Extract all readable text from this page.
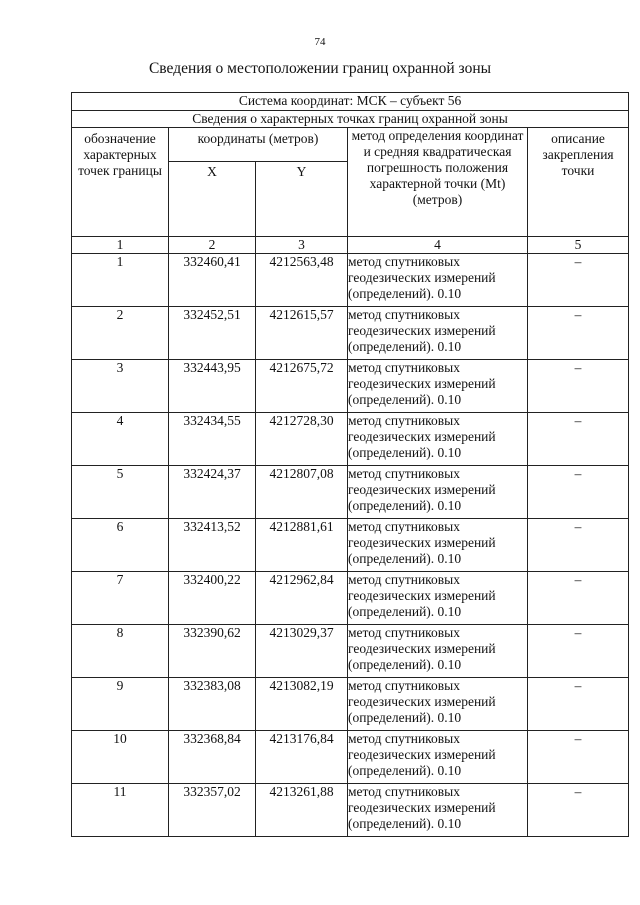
74
Сведения о местоположении границ охранной зоны
Система координат: МСК – субъект 56				
Сведения о характерных точках границ охранной зоны				
обозначение характерных точек границы	координаты (метров)		метод определения координат и средняя квадратическая погрешность положения характерной точки (Mt) (метров)	описание закрепления точки
	X	Y		
1	2	3	4	5
1	332460,41	4212563,48	метод спутниковых геодезических измерений (определений). 0.10	–
2	332452,51	4212615,57	метод спутниковых геодезических измерений (определений). 0.10	–
3	332443,95	4212675,72	метод спутниковых геодезических измерений (определений). 0.10	–
4	332434,55	4212728,30	метод спутниковых геодезических измерений (определений). 0.10	–
5	332424,37	4212807,08	метод спутниковых геодезических измерений (определений). 0.10	–
6	332413,52	4212881,61	метод спутниковых геодезических измерений (определений). 0.10	–
7	332400,22	4212962,84	метод спутниковых геодезических измерений (определений). 0.10	–
8	332390,62	4213029,37	метод спутниковых геодезических измерений (определений). 0.10	–
9	332383,08	4213082,19	метод спутниковых геодезических измерений (определений). 0.10	–
10	332368,84	4213176,84	метод спутниковых геодезических измерений (определений). 0.10	–
11	332357,02	4213261,88	метод спутниковых геодезических измерений (определений). 0.10	–
